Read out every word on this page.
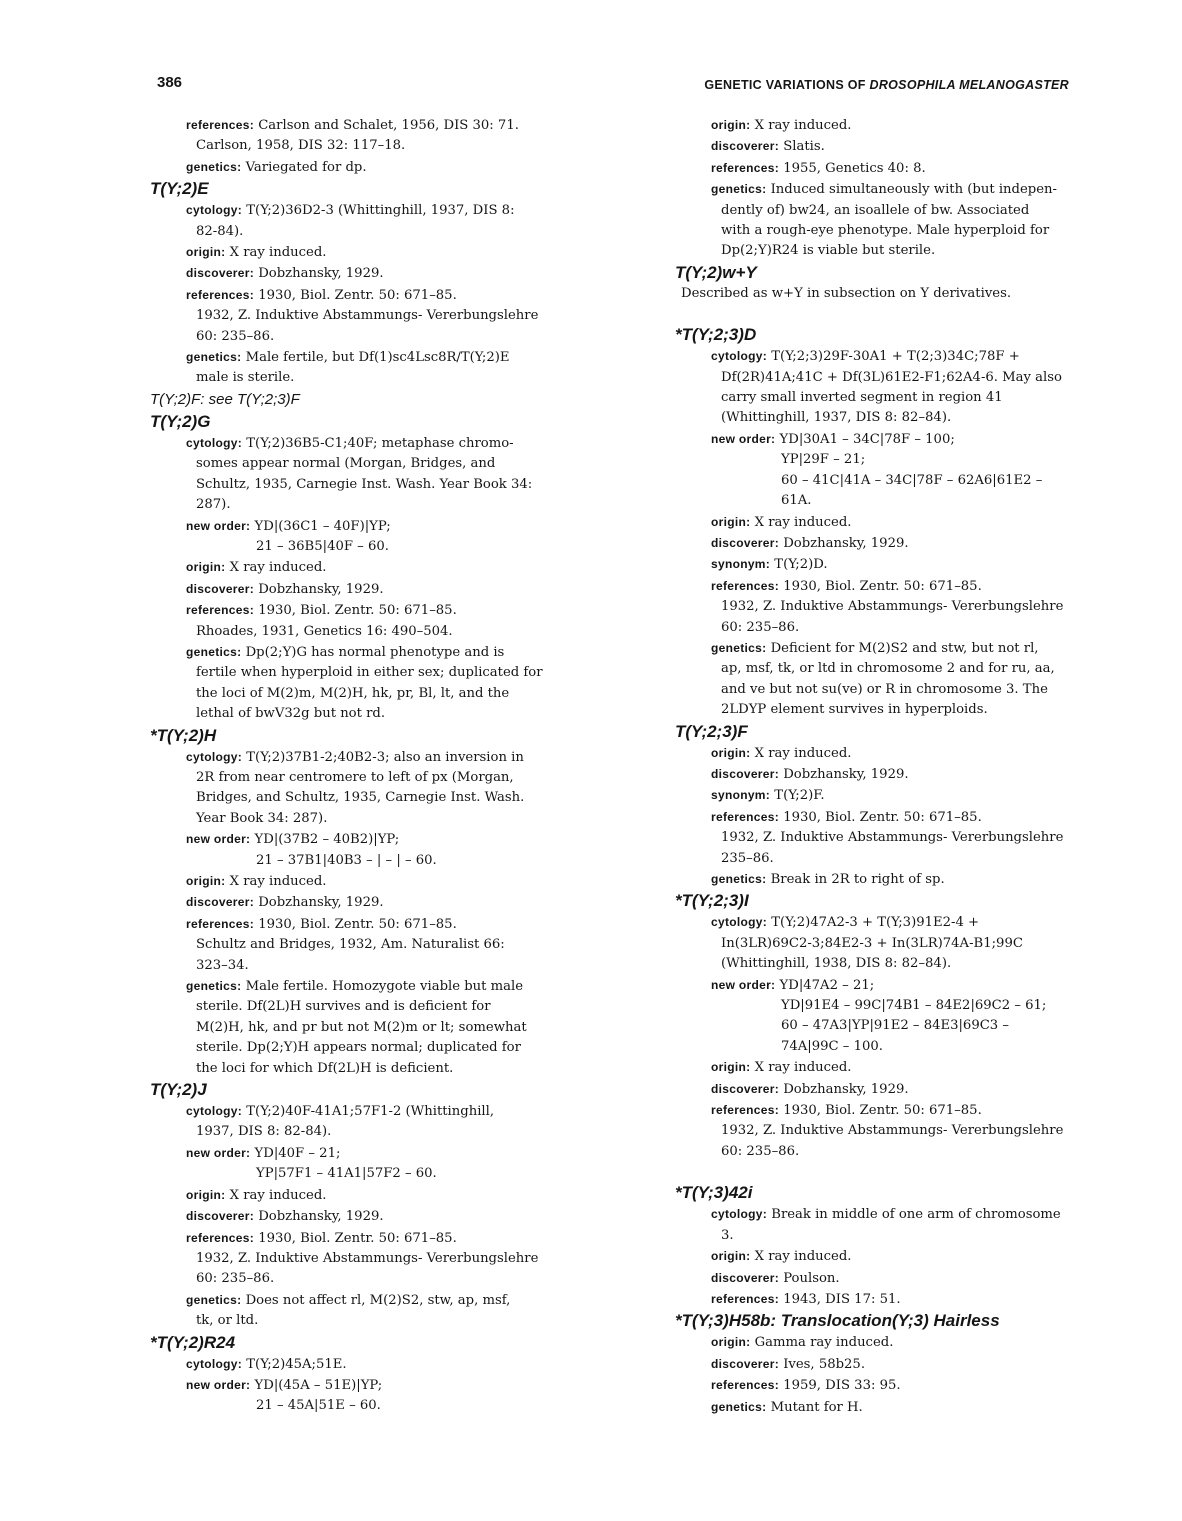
386	GENETIC VARIATIONS OF DROSOPHILA MELANOGASTER
references: Carlson and Schalet, 1956, DIS 30: 71.
Carlson, 1958, DIS 32: 117–18.
genetics: Variegated for dp.
T(Y;2)E
cytology: T(Y;2)36D2-3 (Whittinghill, 1937, DIS 8:
82-84).
origin: X ray induced.
discoverer: Dobzhansky, 1929.
references: 1930, Biol. Zentr. 50: 671–85.
1932, Z. Induktive Abstammungs- Vererbungslehre
60: 235–86.
genetics: Male fertile, but Df(1)sc4Lsc8R/T(Y;2)E
male is sterile.
T(Y;2)F: see T(Y;2;3)F
T(Y;2)G
cytology: T(Y;2)36B5-C1;40F; metaphase chromo-
somes appear normal (Morgan, Bridges, and
Schultz, 1935, Carnegie Inst. Wash. Year Book 34:
287).
new order: YD|(36C1 – 40F)|YP;
21 – 36B5|40F – 60.
origin: X ray induced.
discoverer: Dobzhansky, 1929.
references: 1930, Biol. Zentr. 50: 671–85.
Rhoades, 1931, Genetics 16: 490–504.
genetics: Dp(2;Y)G has normal phenotype and is
fertile when hyperploid in either sex; duplicated for
the loci of M(2)m, M(2)H, hk, pr, Bl, lt, and the
lethal of bwV32g but not rd.
*T(Y;2)H
cytology: T(Y;2)37B1-2;40B2-3; also an inversion in
2R from near centromere to left of px (Morgan,
Bridges, and Schultz, 1935, Carnegie Inst. Wash.
Year Book 34: 287).
new order: YD|(37B2 – 40B2)|YP;
21 – 37B1|40B3 – | – | – 60.
origin: X ray induced.
discoverer: Dobzhansky, 1929.
references: 1930, Biol. Zentr. 50: 671–85.
Schultz and Bridges, 1932, Am. Naturalist 66:
323–34.
genetics: Male fertile. Homozygote viable but male
sterile. Df(2L)H survives and is deficient for
M(2)H, hk, and pr but not M(2)m or lt; somewhat
sterile. Dp(2;Y)H appears normal; duplicated for
the loci for which Df(2L)H is deficient.
T(Y;2)J
cytology: T(Y;2)40F-41A1;57F1-2 (Whittinghill,
1937, DIS 8: 82-84).
new order: YD|40F – 21;
YP|57F1 – 41A1|57F2 – 60.
origin: X ray induced.
discoverer: Dobzhansky, 1929.
references: 1930, Biol. Zentr. 50: 671–85.
1932, Z. Induktive Abstammungs- Vererbungslehre
60: 235–86.
genetics: Does not affect rl, M(2)S2, stw, ap, msf,
tk, or ltd.
*T(Y;2)R24
cytology: T(Y;2)45A;51E.
new order: YD|(45A – 51E)|YP;
21 – 45A|51E – 60.
origin: X ray induced.
discoverer: Slatis.
references: 1955, Genetics 40: 8.
genetics: Induced simultaneously with (but indepen-
dently of) bw24, an isoallele of bw. Associated
with a rough-eye phenotype. Male hyperploid for
Dp(2;Y)R24 is viable but sterile.
T(Y;2)w+Y
Described as w+Y in subsection on Y derivatives.
*T(Y;2;3)D
cytology: T(Y;2;3)29F-30A1 + T(2;3)34C;78F +
Df(2R)41A;41C + Df(3L)61E2-F1;62A4-6. May also
carry small inverted segment in region 41
(Whittinghill, 1937, DIS 8: 82–84).
new order: YD|30A1 – 34C|78F – 100;
YP|29F – 21;
60 – 41C|41A – 34C|78F – 62A6|61E2 –
61A.
origin: X ray induced.
discoverer: Dobzhansky, 1929.
synonym: T(Y;2)D.
references: 1930, Biol. Zentr. 50: 671–85.
1932, Z. Induktive Abstammungs- Vererbungslehre
60: 235–86.
genetics: Deficient for M(2)S2 and stw, but not rl,
ap, msf, tk, or ltd in chromosome 2 and for ru, aa,
and ve but not su(ve) or R in chromosome 3. The
2LDYP element survives in hyperploids.
T(Y;2;3)F
origin: X ray induced.
discoverer: Dobzhansky, 1929.
synonym: T(Y;2)F.
references: 1930, Biol. Zentr. 50: 671–85.
1932, Z. Induktive Abstammungs- Vererbungslehre
235–86.
genetics: Break in 2R to right of sp.
*T(Y;2;3)I
cytology: T(Y;2)47A2-3 + T(Y;3)91E2-4 +
In(3LR)69C2-3;84E2-3 + In(3LR)74A-B1;99C
(Whittinghill, 1938, DIS 8: 82–84).
new order: YD|47A2 – 21;
YD|91E4 – 99C|74B1 – 84E2|69C2 – 61;
60 – 47A3|YP|91E2 – 84E3|69C3 –
74A|99C – 100.
origin: X ray induced.
discoverer: Dobzhansky, 1929.
references: 1930, Biol. Zentr. 50: 671–85.
1932, Z. Induktive Abstammungs- Vererbungslehre
60: 235–86.
*T(Y;3)42i
cytology: Break in middle of one arm of chromosome
3.
origin: X ray induced.
discoverer: Poulson.
references: 1943, DIS 17: 51.
*T(Y;3)H58b: Translocation(Y;3) Hairless
origin: Gamma ray induced.
discoverer: Ives, 58b25.
references: 1959, DIS 33: 95.
genetics: Mutant for H.
